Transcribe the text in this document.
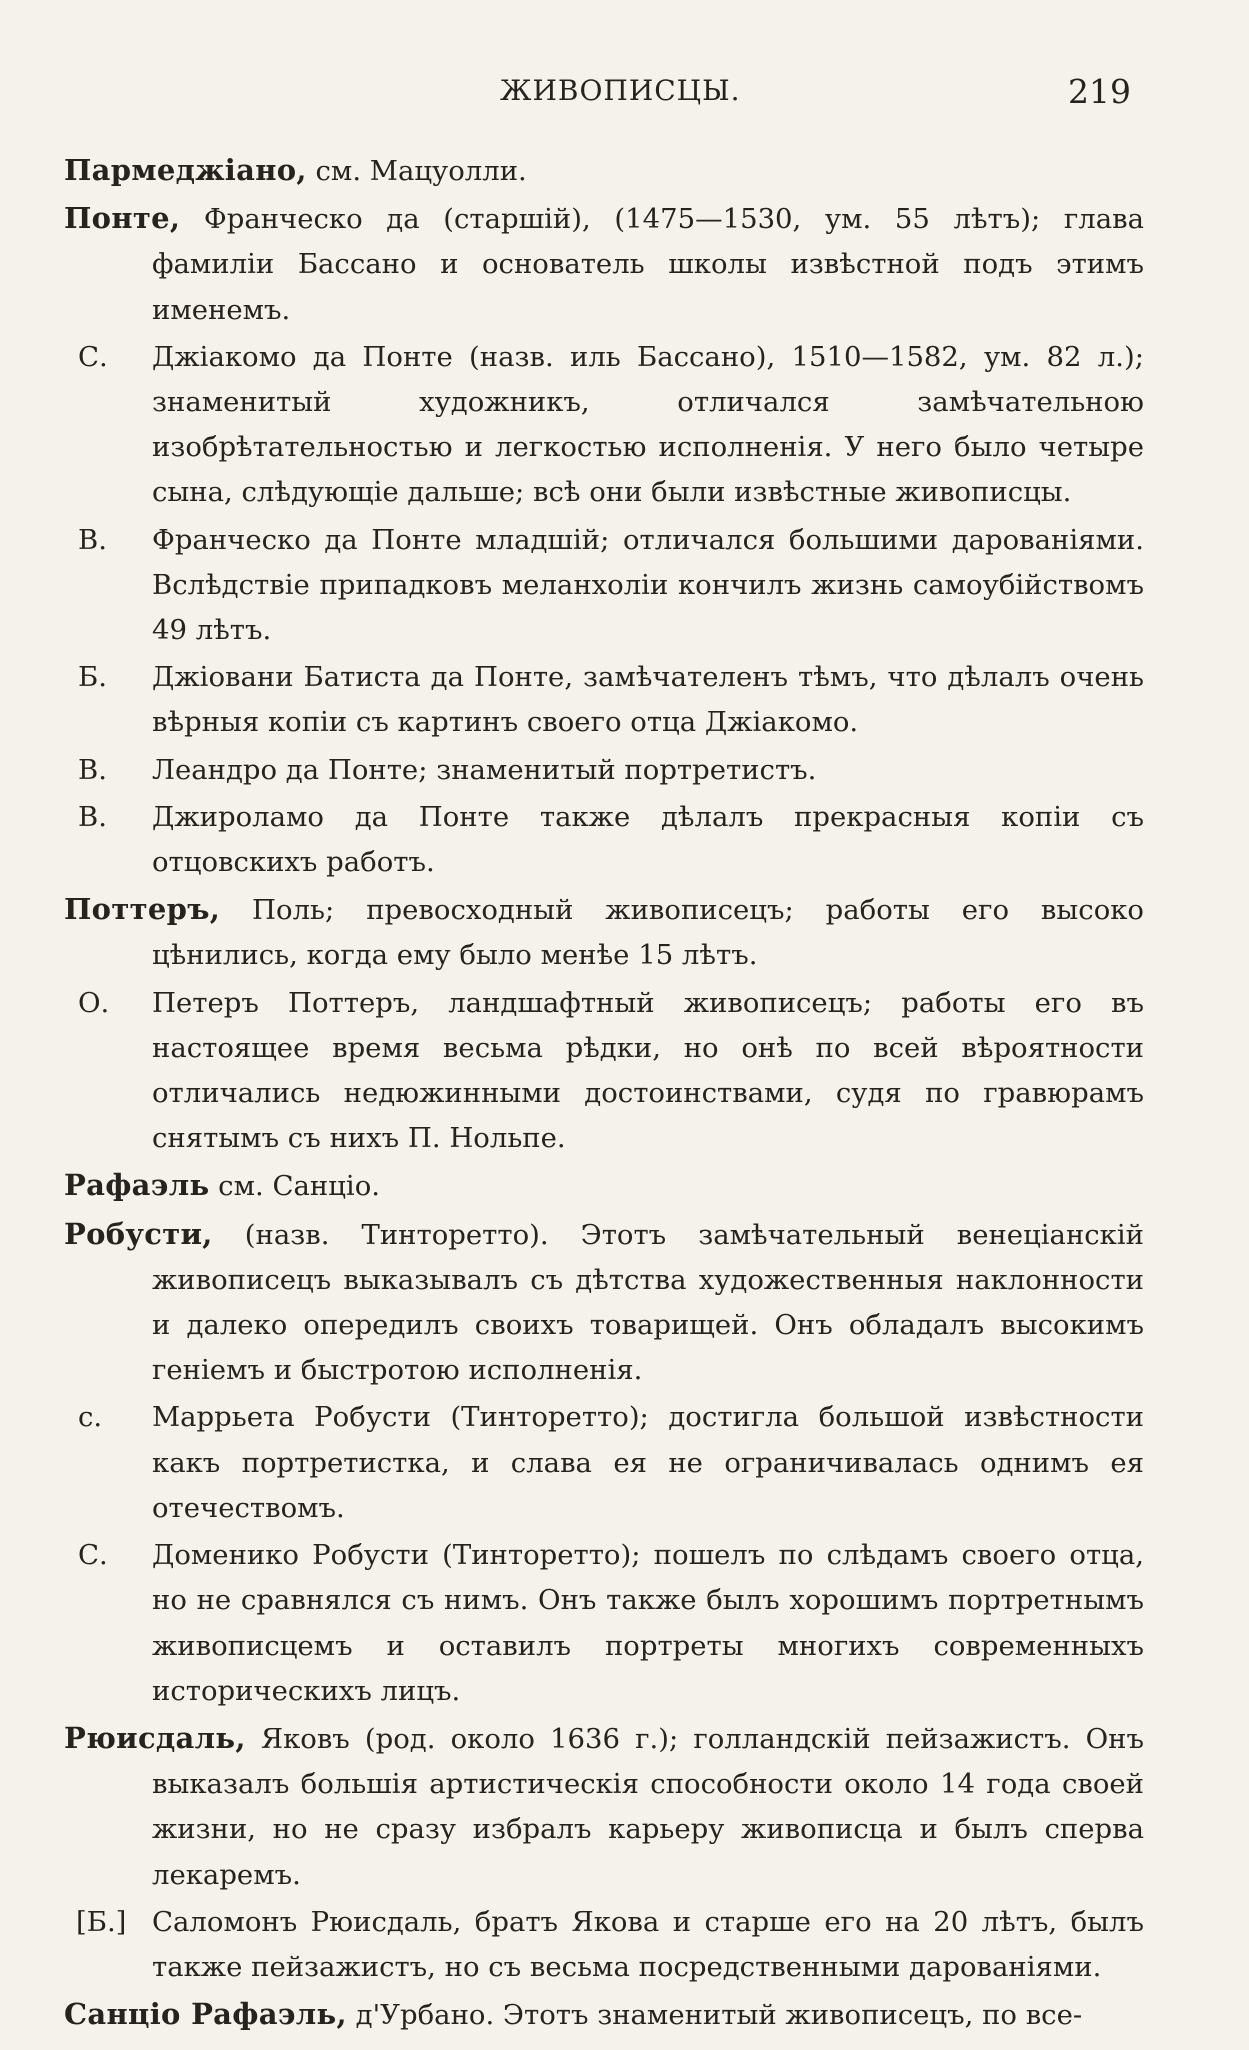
ЖИВОПИСЦЫ.	219

Пармеджіано, см. Мацуолли.

Понте, Франческо да (старшій), (1475—1530, ум. 55 лѣтъ); глава фамиліи Бассано и основатель школы извѣстной подъ этимъ именемъ.

С. Джіакомо да Понте (назв. иль Бассано), 1510—1582, ум. 82 л.); знаменитый художникъ, отличался замѣчательною изобрѣтательностью и легкостью исполненія. У него было четыре сына, слѣдующіе дальше; всѣ они были извѣстные живописцы.

В. Франческо да Понте младшій; отличался большими дарованіями. Вслѣдствіе припадковъ меланхоліи кончилъ жизнь самоубійствомъ 49 лѣтъ.

Б. Джіовани Батиста да Понте, замѣчателенъ тѣмъ, что дѣлалъ очень вѣрныя копіи съ картинъ своего отца Джіакомо.

В. Леандро да Понте; знаменитый портретистъ.

В. Джироламо да Понте также дѣлалъ прекрасныя копіи съ отцовскихъ работъ.

Поттеръ, Поль; превосходный живописецъ; работы его высоко цѣнились, когда ему было менѣе 15 лѣтъ.

О. Петеръ Поттеръ, ландшафтный живописецъ; работы его въ настоящее время весьма рѣдки, но онѣ по всей вѣроятности отличались недюжинными достоинствами, судя по гравюрамъ снятымъ съ нихъ П. Нольпе.

Рафаэль см. Санціо.

Робусти, (назв. Тинторетто). Этотъ замѣчательный венеціанскій живописецъ выказывалъ съ дѣтства художественныя наклонности и далеко опередилъ своихъ товарищей. Онъ обладалъ высокимъ геніемъ и быстротою исполненія.

с. Маррьета Робусти (Тинторетто); достигла большой извѣстности какъ портретистка, и слава ея не ограничивалась однимъ ея отечествомъ.

С. Доменико Робусти (Тинторетто); пошелъ по слѣдамъ своего отца, но не сравнялся съ нимъ. Онъ также былъ хорошимъ портретнымъ живописцемъ и оставилъ портреты многихъ современныхъ историческихъ лицъ.

Рюисдаль, Яковъ (род. около 1636 г.); голландскій пейзажистъ. Онъ выказалъ большія артистическія способности около 14 года своей жизни, но не сразу избралъ карьеру живописца и былъ сперва лекаремъ.

[Б.] Саломонъ Рюисдаль, братъ Якова и старше его на 20 лѣтъ, былъ также пейзажистъ, но съ весьма посредственными дарованіями.

Санціо Рафаэль, д'Урбано. Этотъ знаменитый живописецъ, по все-
